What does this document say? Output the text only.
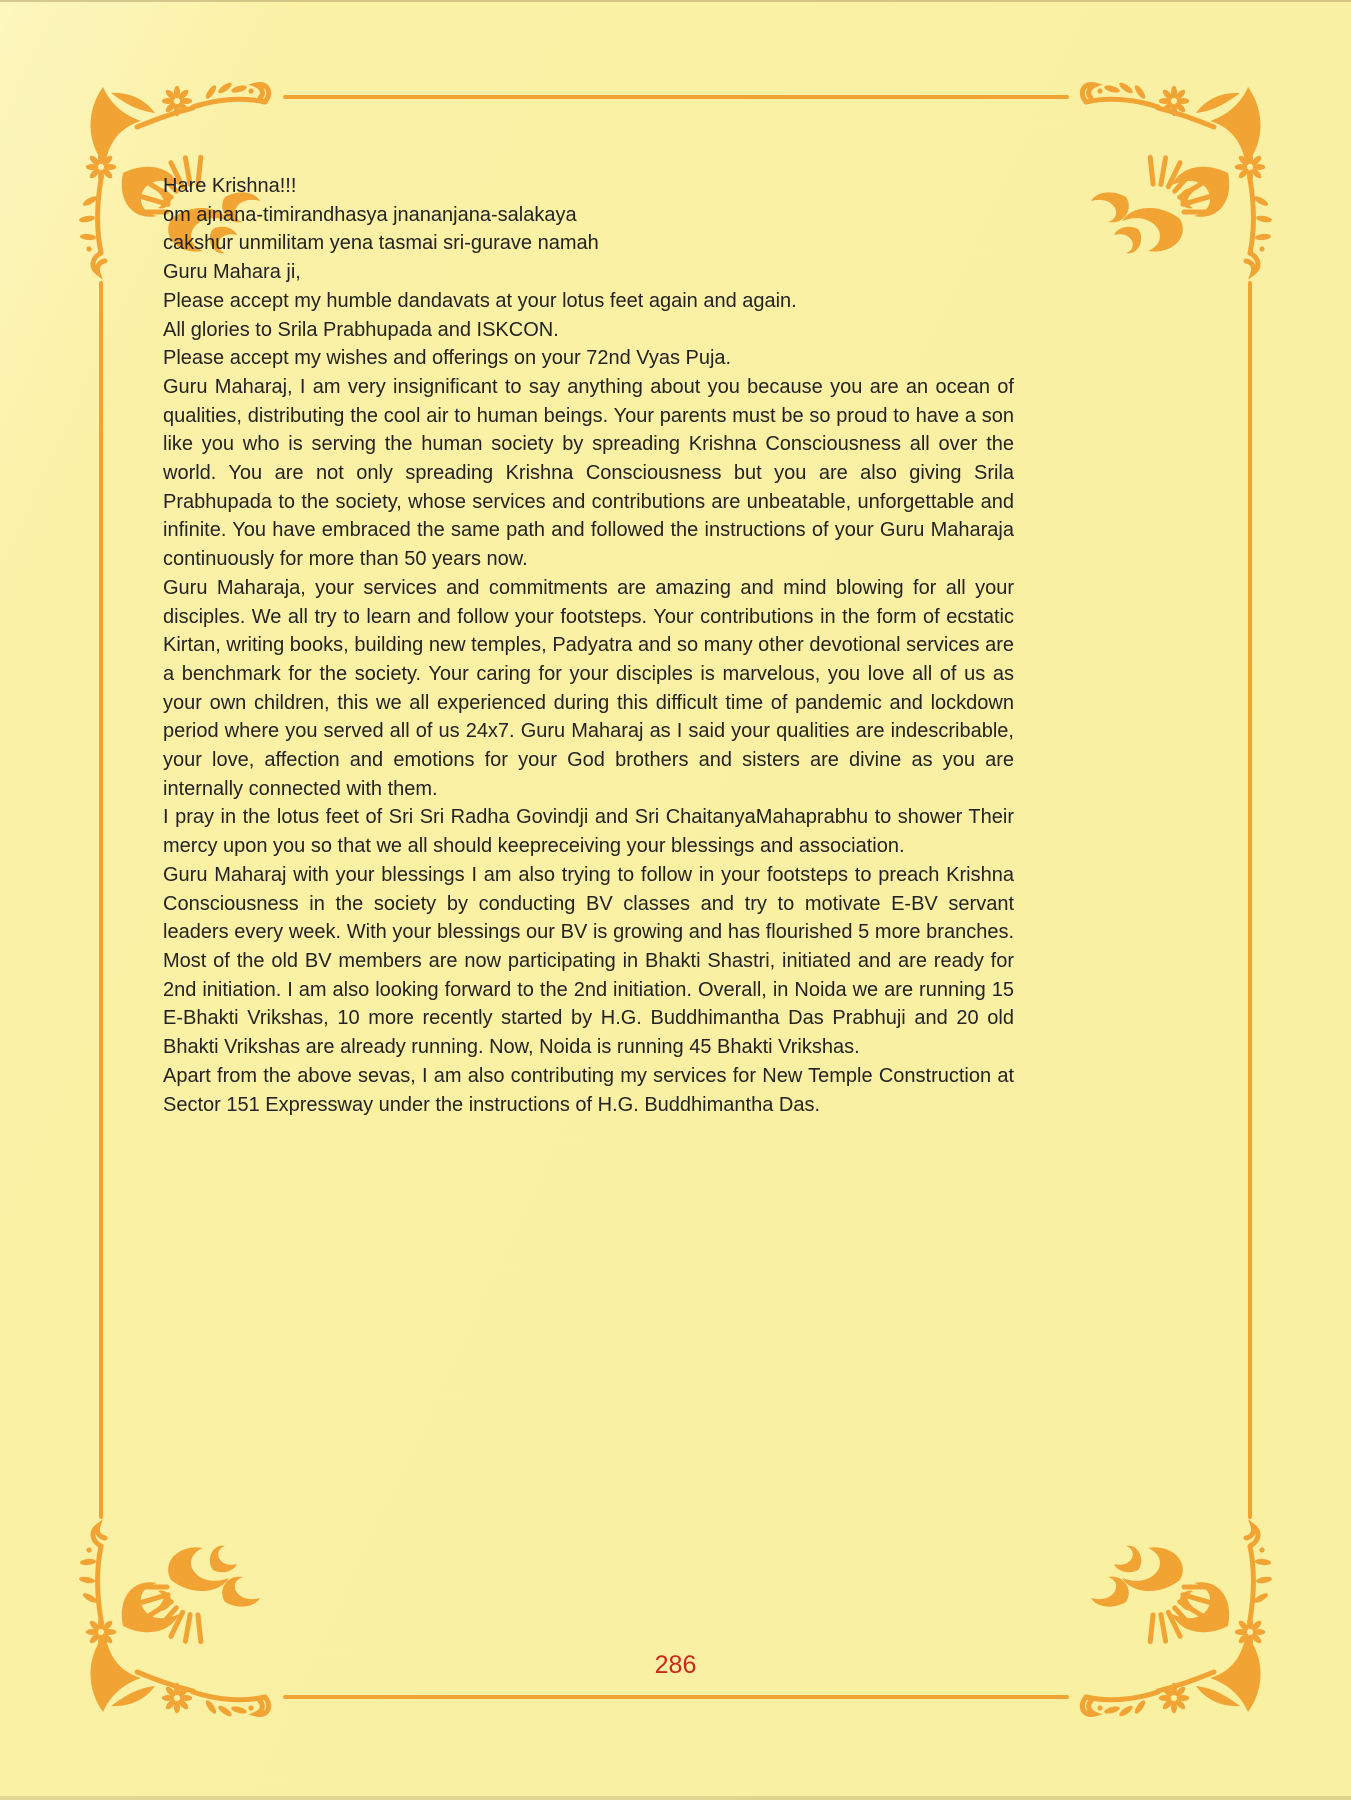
Hare Krishna!!!

om ajnana-timirandhasya jnananjana-salakaya

cakshur unmilitam yena tasmai sri-gurave namah

Guru Mahara ji,

Please accept my humble dandavats at your lotus feet again and again.

All glories to Srila Prabhupada and ISKCON.

Please accept my wishes and offerings on your 72nd Vyas Puja.

Guru Maharaj, I am very insignificant to say anything about you because you are an ocean of qualities, distributing the cool air to human beings. Your parents must be so proud to have a son like you who is serving the human society by spreading Krishna Consciousness all over the world. You are not only spreading Krishna Consciousness but you are also giving Srila Prabhupada to the society, whose services and contributions are unbeatable, unforgettable and infinite. You have embraced the same path and followed the instructions of your Guru Maharaja continuously for more than 50 years now.

Guru Maharaja, your services and commitments are amazing and mind blowing for all your disciples. We all try to learn and follow your footsteps. Your contributions in the form of ecstatic Kirtan, writing books, building new temples, Padyatra and so many other devotional services are a benchmark for the society. Your caring for your disciples is marvelous, you love all of us as your own children, this we all experienced during this difficult time of pandemic and lockdown period where you served all of us 24x7. Guru Maharaj as I said your qualities are indescribable, your love, affection and emotions for your God brothers and sisters are divine as you are internally connected with them.

I pray in the lotus feet of Sri Sri Radha Govindji and Sri ChaitanyaMahaprabhu to shower Their mercy upon you so that we all should keepreceiving your blessings and association.

Guru Maharaj with your blessings I am also trying to follow in your footsteps to preach Krishna Consciousness in the society by conducting BV classes and try to motivate E-BV servant leaders every week. With your blessings our BV is growing and has flourished 5 more branches. Most of the old BV members are now participating in Bhakti Shastri, initiated and are ready for 2nd initiation. I am also looking forward to the 2nd initiation. Overall, in Noida we are running 15 E-Bhakti Vrikshas, 10 more recently started by H.G. Buddhimantha Das Prabhuji and 20 old Bhakti Vrikshas are already running. Now, Noida is running 45 Bhakti Vrikshas.

Apart from the above sevas, I am also contributing my services for New Temple Construction at Sector 151 Expressway under the instructions of H.G. Buddhimantha Das.

286
